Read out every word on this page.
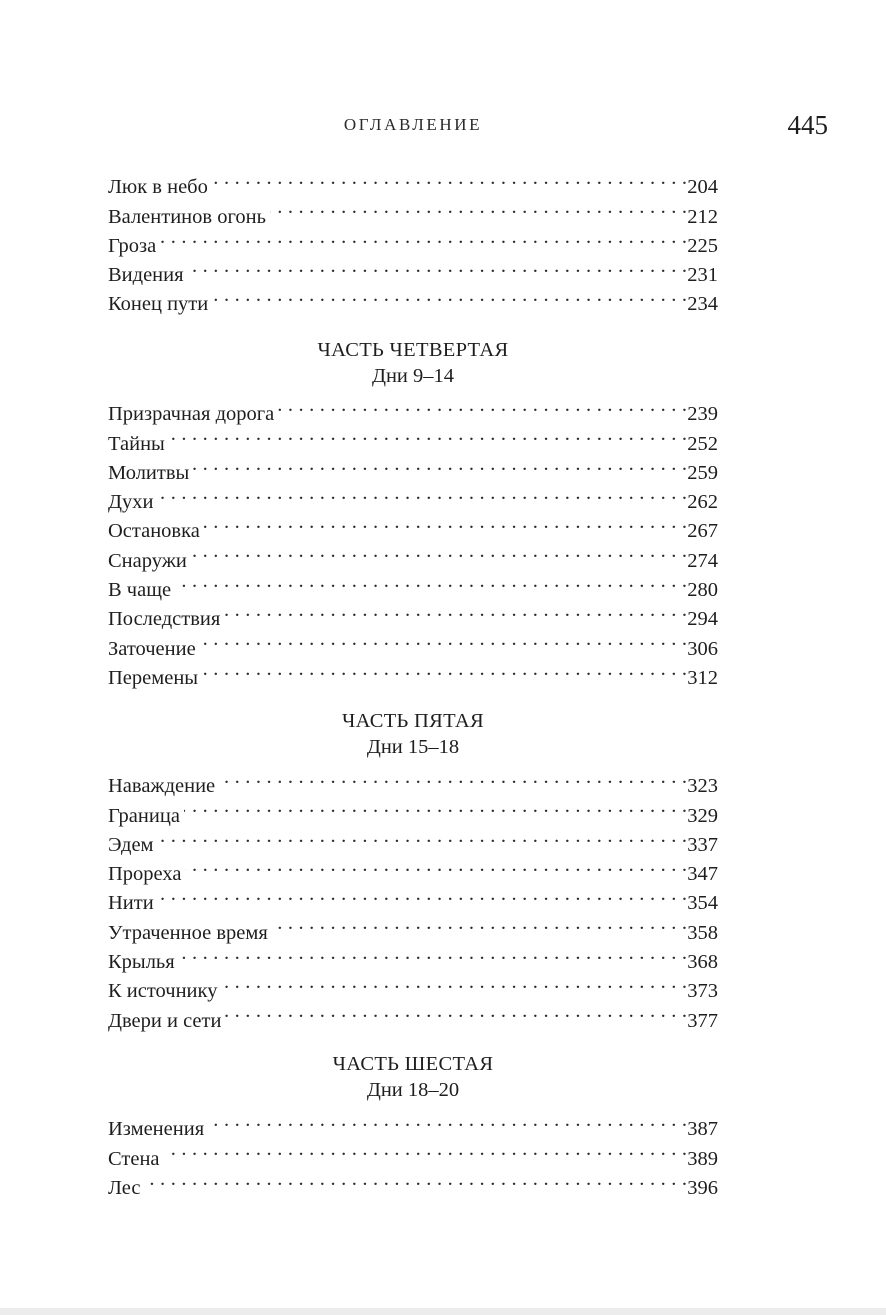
ОГЛАВЛЕНИЕ	445
Люк в небо . . .	204
Валентинов огонь . . .	212
Гроза . . .	225
Видения . . .	231
Конец пути . . .	234
ЧАСТЬ ЧЕТВЕРТАЯ
Дни 9–14
Призрачная дорога . . .	239
Тайны . . .	252
Молитвы . . .	259
Духи . . .	262
Остановка . . .	267
Снаружи . . .	274
В чаще . . .	280
Последствия . . .	294
Заточение . . .	306
Перемены . . .	312
ЧАСТЬ ПЯТАЯ
Дни 15–18
Наваждение . . .	323
Граница . . .	329
Эдем . . .	337
Прореха . . .	347
Нити . . .	354
Утраченное время . . .	358
Крылья . . .	368
К источнику . . .	373
Двери и сети . . .	377
ЧАСТЬ ШЕСТАЯ
Дни 18–20
Изменения . . .	387
Стена . . .	389
Лес . . .	396
